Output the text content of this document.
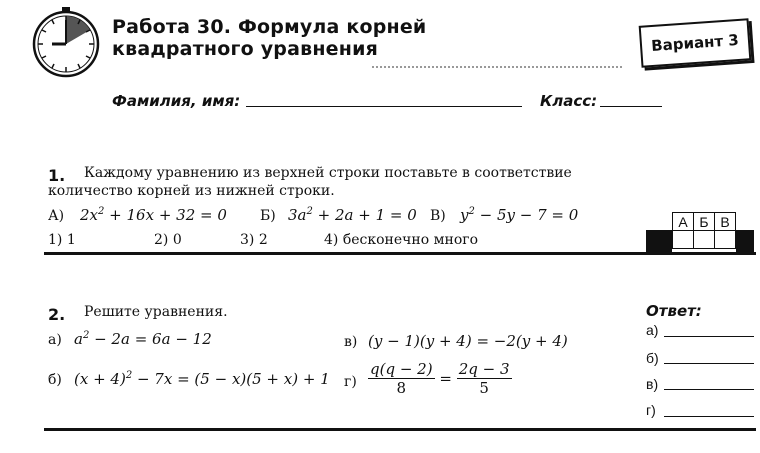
Работа 30. Формула корней
квадратного уравнения	Вариант 3
Фамилия, имя:	Класс:
1. Каждому уравнению из верхней строки поставьте в соответствие
количество корней из нижней строки.
А) $2x^2 + 16x + 32 = 0$ Б) $3a^2 + 2a + 1 = 0$ В) $y^2 - 5y - 7 = 0$
1) 1	2) 0	3) 2	4) бесконечно много
А	Б	В

2. Решите уравнения.
а) $a^2 - 2a = 6a - 12$
б) $(x + 4)^2 - 7x = (5 - x)(5 + x) + 1$
в) (y − 1)(y + 4) = −2(y + 4)
$г) \frac{q(q - 2)}{8} = \frac{2q - 3}{5}$
Ответ:
а)
б)
в)
г)
